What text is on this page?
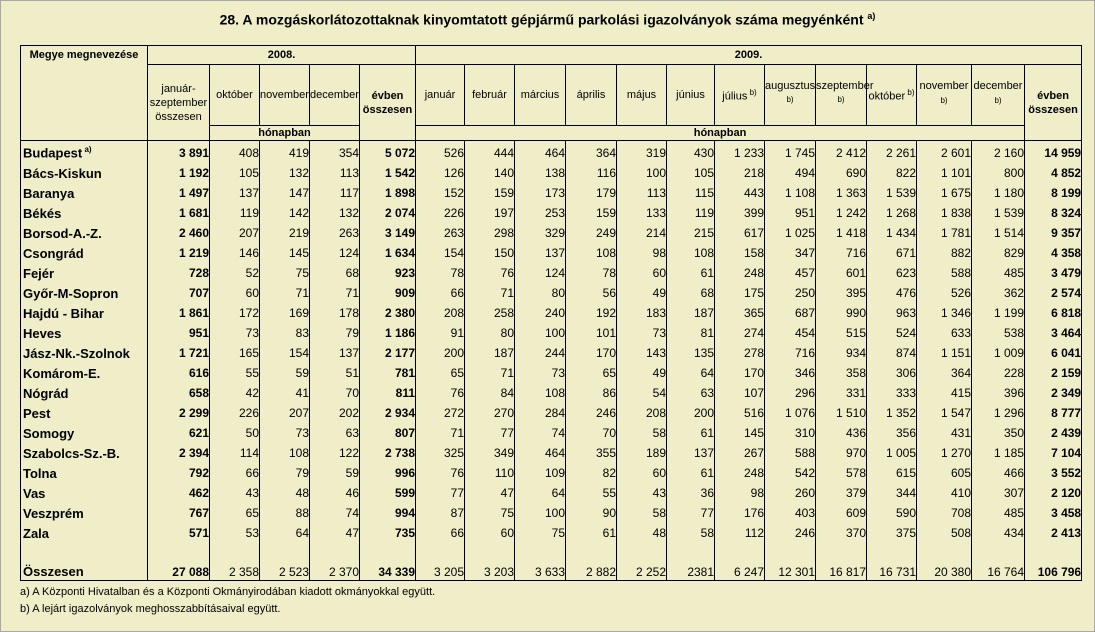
28. A mozgáskorlátozottaknak kinyomtatott gépjármű parkolási igazolványok száma megyénként $^{a)}$
Megye megnevezése	2008.					2009.												
	január-szeptember összesen	október	november	december	évben összesen	január	február	március	április	május	június	július $^{b)}$	augusztus $^{b)}$	szeptember $^{b)}$	október $^{b)}$	november $^{b)}$	december $^{b)}$	évben összesen
		hónapban				hónapban												
Budapest $^{a)}$	3 891	408	419	354	5 072	526	444	464	364	319	430	1 233	1 745	2 412	2 261	2 601	2 160	14 959
Bács-Kiskun	1 192	105	132	113	1 542	126	140	138	116	100	105	218	494	690	822	1 101	800	4 852
Baranya	1 497	137	147	117	1 898	152	159	173	179	113	115	443	1 108	1 363	1 539	1 675	1 180	8 199
Békés	1 681	119	142	132	2 074	226	197	253	159	133	119	399	951	1 242	1 268	1 838	1 539	8 324
Borsod-A.-Z.	2 460	207	219	263	3 149	263	298	329	249	214	215	617	1 025	1 418	1 434	1 781	1 514	9 357
Csongrád	1 219	146	145	124	1 634	154	150	137	108	98	108	158	347	716	671	882	829	4 358
Fejér	728	52	75	68	923	78	76	124	78	60	61	248	457	601	623	588	485	3 479
Győr-M-Sopron	707	60	71	71	909	66	71	80	56	49	68	175	250	395	476	526	362	2 574
Hajdú - Bihar	1 861	172	169	178	2 380	208	258	240	192	183	187	365	687	990	963	1 346	1 199	6 818
Heves	951	73	83	79	1 186	91	80	100	101	73	81	274	454	515	524	633	538	3 464
Jász-Nk.-Szolnok	1 721	165	154	137	2 177	200	187	244	170	143	135	278	716	934	874	1 151	1 009	6 041
Komárom-E.	616	55	59	51	781	65	71	73	65	49	64	170	346	358	306	364	228	2 159
Nógrád	658	42	41	70	811	76	84	108	86	54	63	107	296	331	333	415	396	2 349
Pest	2 299	226	207	202	2 934	272	270	284	246	208	200	516	1 076	1 510	1 352	1 547	1 296	8 777
Somogy	621	50	73	63	807	71	77	74	70	58	61	145	310	436	356	431	350	2 439
Szabolcs-Sz.-B.	2 394	114	108	122	2 738	325	349	464	355	189	137	267	588	970	1 005	1 270	1 185	7 104
Tolna	792	66	79	59	996	76	110	109	82	60	61	248	542	578	615	605	466	3 552
Vas	462	43	48	46	599	77	47	64	55	43	36	98	260	379	344	410	307	2 120
Veszprém	767	65	88	74	994	87	75	100	90	58	77	176	403	609	590	708	485	3 458
Zala	571	53	64	47	735	66	60	75	61	48	58	112	246	370	375	508	434	2 413
Összesen	27 088	2 358	2 523	2 370	34 339	3 205	3 203	3 633	2 882	2 252	2381	6 247	12 301	16 817	16 731	20 380	16 764	106 796
a) A Központi Hivatalban és a Központi Okmányirodában kiadott okmányokkal együtt.
b) A lejárt igazolványok meghosszabbításaival együtt.
